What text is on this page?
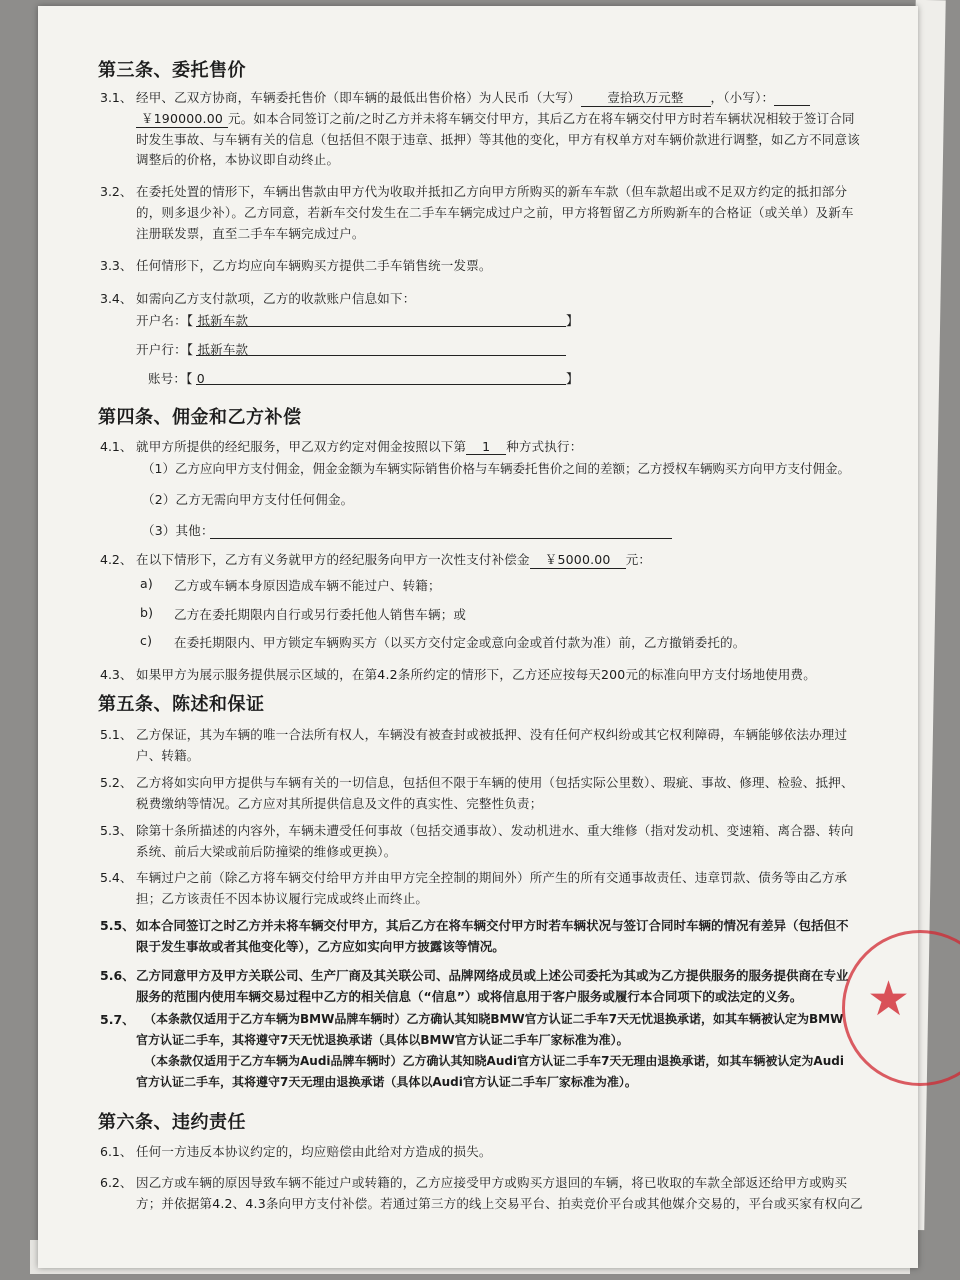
第三条、委托售价
3.1、 经甲、乙双方协商，车辆委托售价（即车辆的最低出售价格）为人民币（大写） 壹拾玖万元整 ，（小写）：
￥190000.00 元。如本合同签订之前/之时乙方并未将车辆交付甲方，其后乙方在将车辆交付甲方时若车辆状况相较于签订合同
时发生事故、与车辆有关的信息（包括但不限于违章、抵押）等其他的变化，甲方有权单方对车辆价款进行调整，如乙方不同意该
调整后的价格，本协议即自动终止。
3.2、 在委托处置的情形下，车辆出售款由甲方代为收取并抵扣乙方向甲方所购买的新车车款（但车款超出或不足双方约定的抵扣部分
的，则多退少补）。乙方同意，若新车交付发生在二手车车辆完成过户之前，甲方将暂留乙方所购新车的合格证（或关单）及新车
注册联发票，直至二手车车辆完成过户。
3.3、 任何情形下，乙方均应向车辆购买方提供二手车销售统一发票。
3.4、 如需向乙方支付款项，乙方的收款账户信息如下：
开户名：【 抵新车款	】
开户行：【 抵新车款
账号：【 0	】
第四条、佣金和乙方补偿
4.1、 就甲方所提供的经纪服务，甲乙双方约定对佣金按照以下第 1 种方式执行：
（1）乙方应向甲方支付佣金，佣金金额为车辆实际销售价格与车辆委托售价之间的差额；乙方授权车辆购买方向甲方支付佣金。
（2）乙方无需向甲方支付任何佣金。
（3）其他：
4.2、 在以下情形下，乙方有义务就甲方的经纪服务向甲方一次性支付补偿金 ￥5000.00 元：
a) 乙方或车辆本身原因造成车辆不能过户、转籍；
b) 乙方在委托期限内自行或另行委托他人销售车辆；或
c) 在委托期限内、甲方锁定车辆购买方（以买方交付定金或意向金或首付款为准）前，乙方撤销委托的。
4.3、 如果甲方为展示服务提供展示区域的，在第4.2条所约定的情形下，乙方还应按每天200元的标准向甲方支付场地使用费。
第五条、陈述和保证
5.1、 乙方保证，其为车辆的唯一合法所有权人，车辆没有被查封或被抵押、没有任何产权纠纷或其它权利障碍，车辆能够依法办理过
户、转籍。
5.2、 乙方将如实向甲方提供与车辆有关的一切信息，包括但不限于车辆的使用（包括实际公里数）、瑕疵、事故、修理、检验、抵押、
税费缴纳等情况。乙方应对其所提供信息及文件的真实性、完整性负责；
5.3、 除第十条所描述的内容外，车辆未遭受任何事故（包括交通事故）、发动机进水、重大维修（指对发动机、变速箱、离合器、转向
系统、前后大梁或前后防撞梁的维修或更换）。
5.4、 车辆过户之前（除乙方将车辆交付给甲方并由甲方完全控制的期间外）所产生的所有交通事故责任、违章罚款、债务等由乙方承
担；乙方该责任不因本协议履行完成或终止而终止。
5.5、 如本合同签订之时乙方并未将车辆交付甲方，其后乙方在将车辆交付甲方时若车辆状况与签订合同时车辆的情况有差异（包括但不
限于发生事故或者其他变化等），乙方应如实向甲方披露该等情况。
5.6、 乙方同意甲方及甲方关联公司、生产厂商及其关联公司、品牌网络成员或上述公司委托为其或为乙方提供服务的服务提供商在专业
服务的范围内使用车辆交易过程中乙方的相关信息（“信息”）或将信息用于客户服务或履行本合同项下的或法定的义务。
5.7、 （本条款仅适用于乙方车辆为BMW品牌车辆时）乙方确认其知晓BMW官方认证二手车7天无忧退换承诺，如其车辆被认定为BMW
官方认证二手车，其将遵守7天无忧退换承诺（具体以BMW官方认证二手车厂家标准为准）。
（本条款仅适用于乙方车辆为Audi品牌车辆时）乙方确认其知晓Audi官方认证二手车7天无理由退换承诺，如其车辆被认定为Audi
官方认证二手车，其将遵守7天无理由退换承诺（具体以Audi官方认证二手车厂家标准为准）。
第六条、违约责任
6.1、 任何一方违反本协议约定的，均应赔偿由此给对方造成的损失。
6.2、 因乙方或车辆的原因导致车辆不能过户或转籍的，乙方应接受甲方或购买方退回的车辆，将已收取的车款全部返还给甲方或购买
方；并依据第4.2、4.3条向甲方支付补偿。若通过第三方的线上交易平台、拍卖竞价平台或其他媒介交易的，平台或买家有权向乙
★
